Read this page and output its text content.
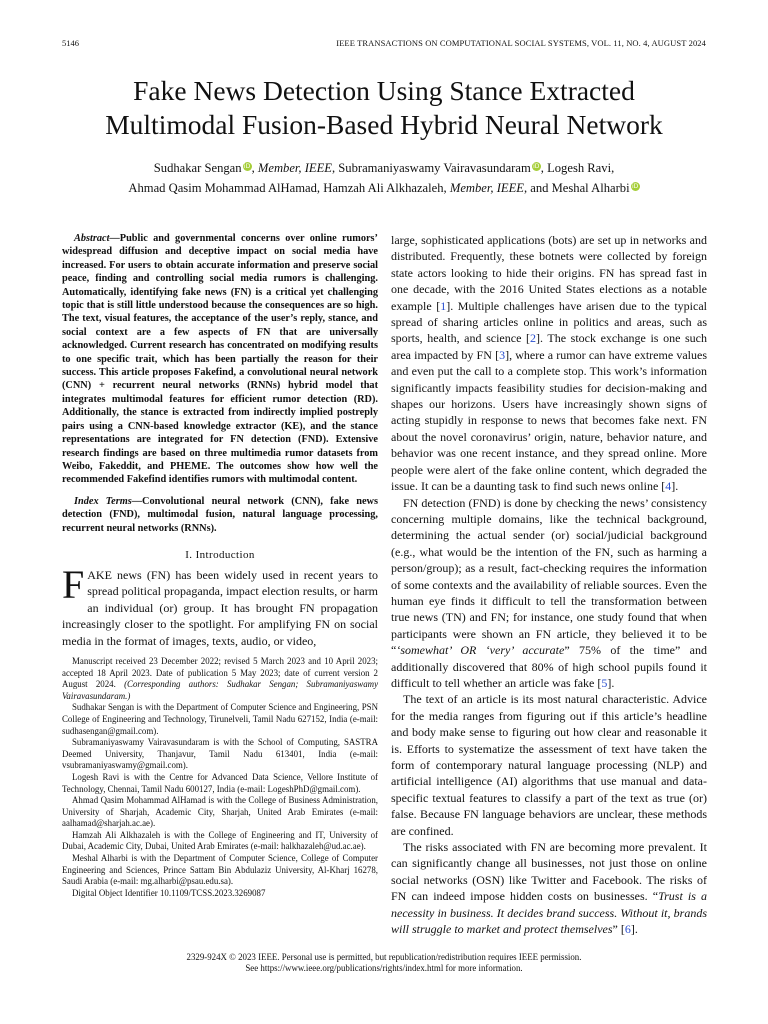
5146	IEEE TRANSACTIONS ON COMPUTATIONAL SOCIAL SYSTEMS, VOL. 11, NO. 4, AUGUST 2024
Fake News Detection Using Stance Extracted
Multimodal Fusion-Based Hybrid Neural Network
Sudhakar Sengan iD, Member, IEEE, Subramaniyaswamy Vairavasundaram iD, Logesh Ravi,
Ahmad Qasim Mohammad AlHamad, Hamzah Ali Alkhazaleh, Member, IEEE, and Meshal Alharbi iD

Abstract—Public and governmental concerns over online rumors’ widespread diffusion and deceptive impact on social media have increased. For users to obtain accurate information and preserve social peace, finding and controlling social media rumors is challenging. Automatically, identifying fake news (FN) is a critical yet challenging topic that is still little understood because the consequences are so high. The text, visual features, the acceptance of the user’s reply, stance, and social context are a few aspects of FN that are universally acknowledged. Current research has concentrated on modifying results to one specific trait, which has been partially the reason for their success. This article proposes Fakefind, a convolutional neural network (CNN) + recurrent neural networks (RNNs) hybrid model that integrates multimodal features for efficient rumor detection (RD). Additionally, the stance is extracted from indirectly implied postreply pairs using a CNN-based knowledge extractor (KE), and the stance representations are integrated for FN detection (FND). Extensive research findings are based on three multimedia rumor datasets from Weibo, Fakeddit, and PHEME. The outcomes show how well the recommended Fakefind identifies rumors with multimodal content.

Index Terms—Convolutional neural network (CNN), fake news detection (FND), multimodal fusion, natural language processing, recurrent neural networks (RNNs).

I. Introduction

FAKE news (FN) has been widely used in recent years to spread political propaganda, impact election results, or harm an individual (or) group. It has brought FN propagation increasingly closer to the spotlight. For amplifying FN on social media in the format of images, texts, audio, or video,

Manuscript received 23 December 2022; revised 5 March 2023 and 10 April 2023; accepted 18 April 2023. Date of publication 5 May 2023; date of current version 2 August 2024. (Corresponding authors: Sudhakar Sengan; Subramaniyaswamy Vairavasundaram.)

Sudhakar Sengan is with the Department of Computer Science and Engineering, PSN College of Engineering and Technology, Tirunelveli, Tamil Nadu 627152, India (e-mail: sudhasengan@gmail.com).

Subramaniyaswamy Vairavasundaram is with the School of Computing, SASTRA Deemed University, Thanjavur, Tamil Nadu 613401, India (e-mail: vsubramaniyaswamy@gmail.com).

Logesh Ravi is with the Centre for Advanced Data Science, Vellore Institute of Technology, Chennai, Tamil Nadu 600127, India (e-mail: LogeshPhD@gmail.com).

Ahmad Qasim Mohammad AlHamad is with the College of Business Administration, University of Sharjah, Academic City, Sharjah, United Arab Emirates (e-mail: aalhamad@sharjah.ac.ae).

Hamzah Ali Alkhazaleh is with the College of Engineering and IT, University of Dubai, Academic City, Dubai, United Arab Emirates (e-mail: halkhazaleh@ud.ac.ae).

Meshal Alharbi is with the Department of Computer Science, College of Computer Engineering and Sciences, Prince Sattam Bin Abdulaziz University, Al-Kharj 16278, Saudi Arabia (e-mail: mg.alharbi@psau.edu.sa).

Digital Object Identifier 10.1109/TCSS.2023.3269087

large, sophisticated applications (bots) are set up in networks and distributed. Frequently, these botnets were collected by foreign state actors looking to hide their origins. FN has spread fast in one decade, with the 2016 United States elections as a notable example [1]. Multiple challenges have arisen due to the typical spread of sharing articles online in politics and areas, such as sports, health, and science [2]. The stock exchange is one such area impacted by FN [3], where a rumor can have extreme values and even put the call to a complete stop. This work’s information significantly impacts feasibility studies for decision-making and shapes our horizons. Users have increasingly shown signs of acting stupidly in response to news that becomes fake next. FN about the novel coronavirus’ origin, nature, behavior nature, and behavior was one recent instance, and they spread online. More people were alert of the fake online content, which degraded the issue. It can be a daunting task to find such news online [4].

FN detection (FND) is done by checking the news’ consistency concerning multiple domains, like the technical background, determining the actual sender (or) social/judicial background (e.g., what would be the intention of the FN, such as harming a person/group); as a result, fact-checking requires the information of some contexts and the availability of reliable sources. Even the human eye finds it difficult to tell the transformation between true news (TN) and FN; for instance, one study found that when participants were shown an FN article, they believed it to be “‘somewhat’ OR ‘very’ accurate” 75% of the time” and additionally discovered that 80% of high school pupils found it difficult to tell whether an article was fake [5].

The text of an article is its most natural characteristic. Advice for the media ranges from figuring out if this article’s headline and body make sense to figuring out how clear and reasonable it is. Efforts to systematize the assessment of text have taken the form of contemporary natural language processing (NLP) and artificial intelligence (AI) algorithms that use manual and data-specific textual features to classify a part of the text as true (or) false. Because FN language behaviors are unclear, these methods are confined.

The risks associated with FN are becoming more prevalent. It can significantly change all businesses, not just those on online social networks (OSN) like Twitter and Facebook. The risks of FN can indeed impose hidden costs on businesses. “Trust is a necessity in business. It decides brand success. Without it, brands will struggle to market and protect themselves” [6].

2329-924X © 2023 IEEE. Personal use is permitted, but republication/redistribution requires IEEE permission.
See https://www.ieee.org/publications/rights/index.html for more information.
